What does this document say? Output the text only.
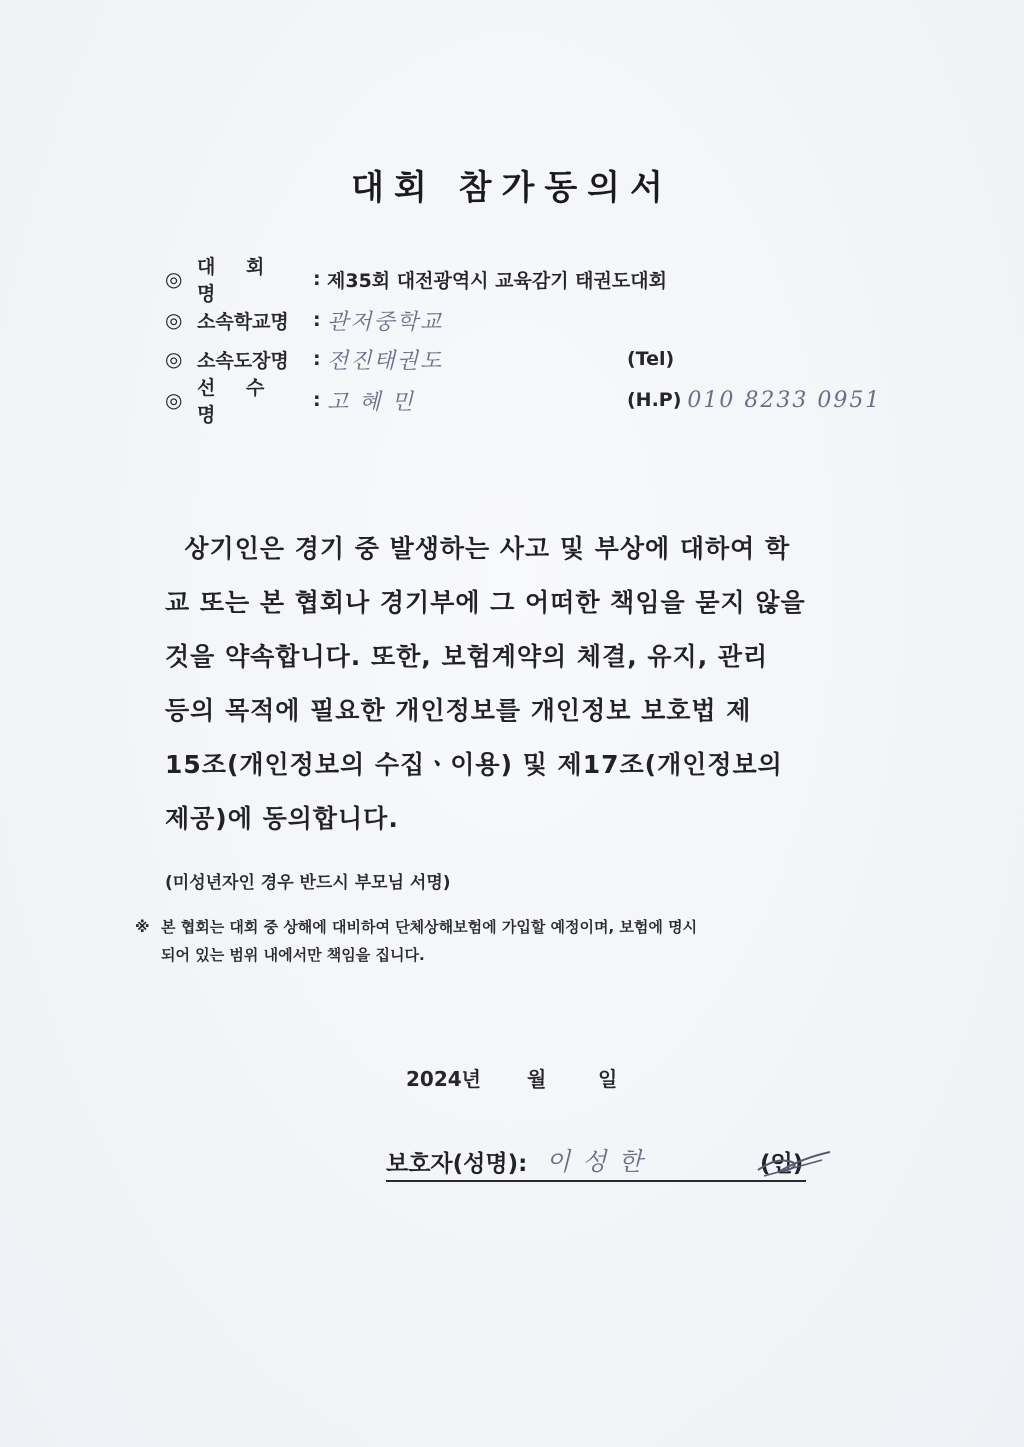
대회 참가동의서
◎ 대 회 명
: 제35회 대전광역시 교육감기 태권도대회
◎ 소속학교명	: 관저중학교
◎ 소속도장명	: 전진태권도	(Tel)
◎ 선 수 명
: 고 혜 민	(H.P) 010 8233 0951
상기인은 경기 중 발생하는 사고 및 부상에 대하여 학
교 또는 본 협회나 경기부에 그 어떠한 책임을 묻지 않을
것을 약속합니다. 또한, 보험계약의 체결, 유지, 관리
등의 목적에 필요한 개인정보를 개인정보 보호법 제
15조(개인정보의 수집ㆍ이용) 및 제17조(개인정보의
제공)에 동의합니다.
(미성년자인 경우 반드시 부모님 서명)
※ 본 협회는 대회 중 상해에 대비하여 단체상해보험에 가입할 예정이며, 보험에 명시
되어 있는 범위 내에서만 책임을 집니다.
2024년 월	일
보호자(성명): 이 성 한	(인)
